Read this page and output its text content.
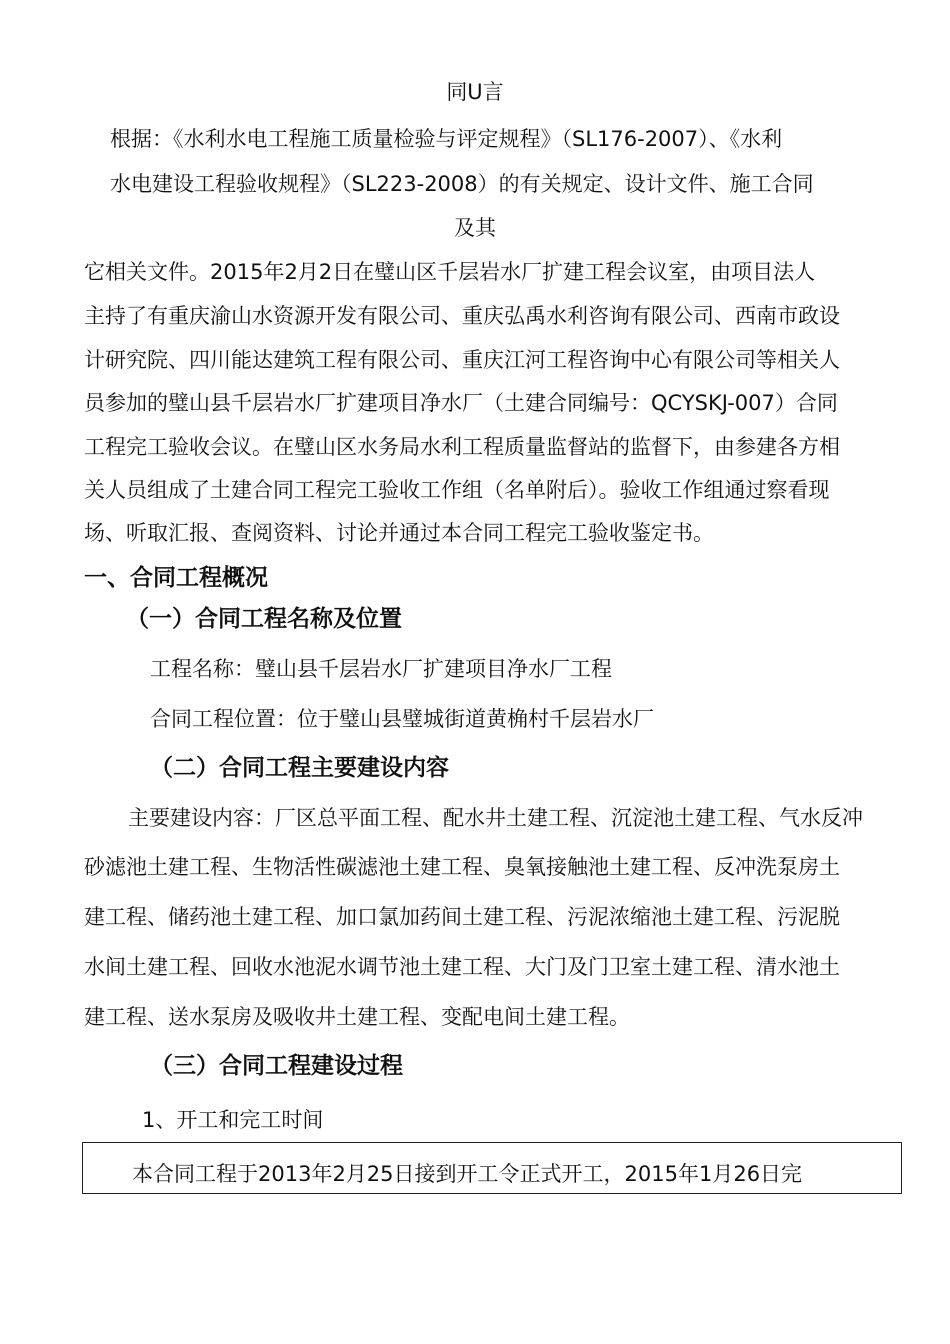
同U言
根据：《水利水电工程施工质量检验与评定规程》（SL176-2007）、《水利
水电建设工程验收规程》（SL223-2008）的有关规定、设计文件、施工合同
及其
它相关文件。2015年2月2日在璧山区千层岩水厂扩建工程会议室，由项目法人
主持了有重庆渝山水资源开发有限公司、重庆弘禹水利咨询有限公司、西南市政设
计研究院、四川能达建筑工程有限公司、重庆江河工程咨询中心有限公司等相关人
员参加的璧山县千层岩水厂扩建项目净水厂（土建合同编号：QCYSKJ-007）合同
工程完工验收会议。在璧山区水务局水利工程质量监督站的监督下，由参建各方相
关人员组成了土建合同工程完工验收工作组（名单附后）。验收工作组通过察看现
场、听取汇报、查阅资料、讨论并通过本合同工程完工验收鉴定书。
一、合同工程概况
（一）合同工程名称及位置
工程名称：璧山县千层岩水厂扩建项目净水厂工程
合同工程位置：位于璧山县璧城街道黄桷村千层岩水厂
（二）合同工程主要建设内容
主要建设内容：厂区总平面工程、配水井土建工程、沉淀池土建工程、气水反冲
砂滤池土建工程、生物活性碳滤池土建工程、臭氧接触池土建工程、反冲洗泵房土
建工程、储药池土建工程、加口氯加药间土建工程、污泥浓缩池土建工程、污泥脱
水间土建工程、回收水池泥水调节池土建工程、大门及门卫室土建工程、清水池土
建工程、送水泵房及吸收井土建工程、变配电间土建工程。
（三）合同工程建设过程
1、开工和完工时间
本合同工程于2013年2月25日接到开工令正式开工，2015年1月26日完
